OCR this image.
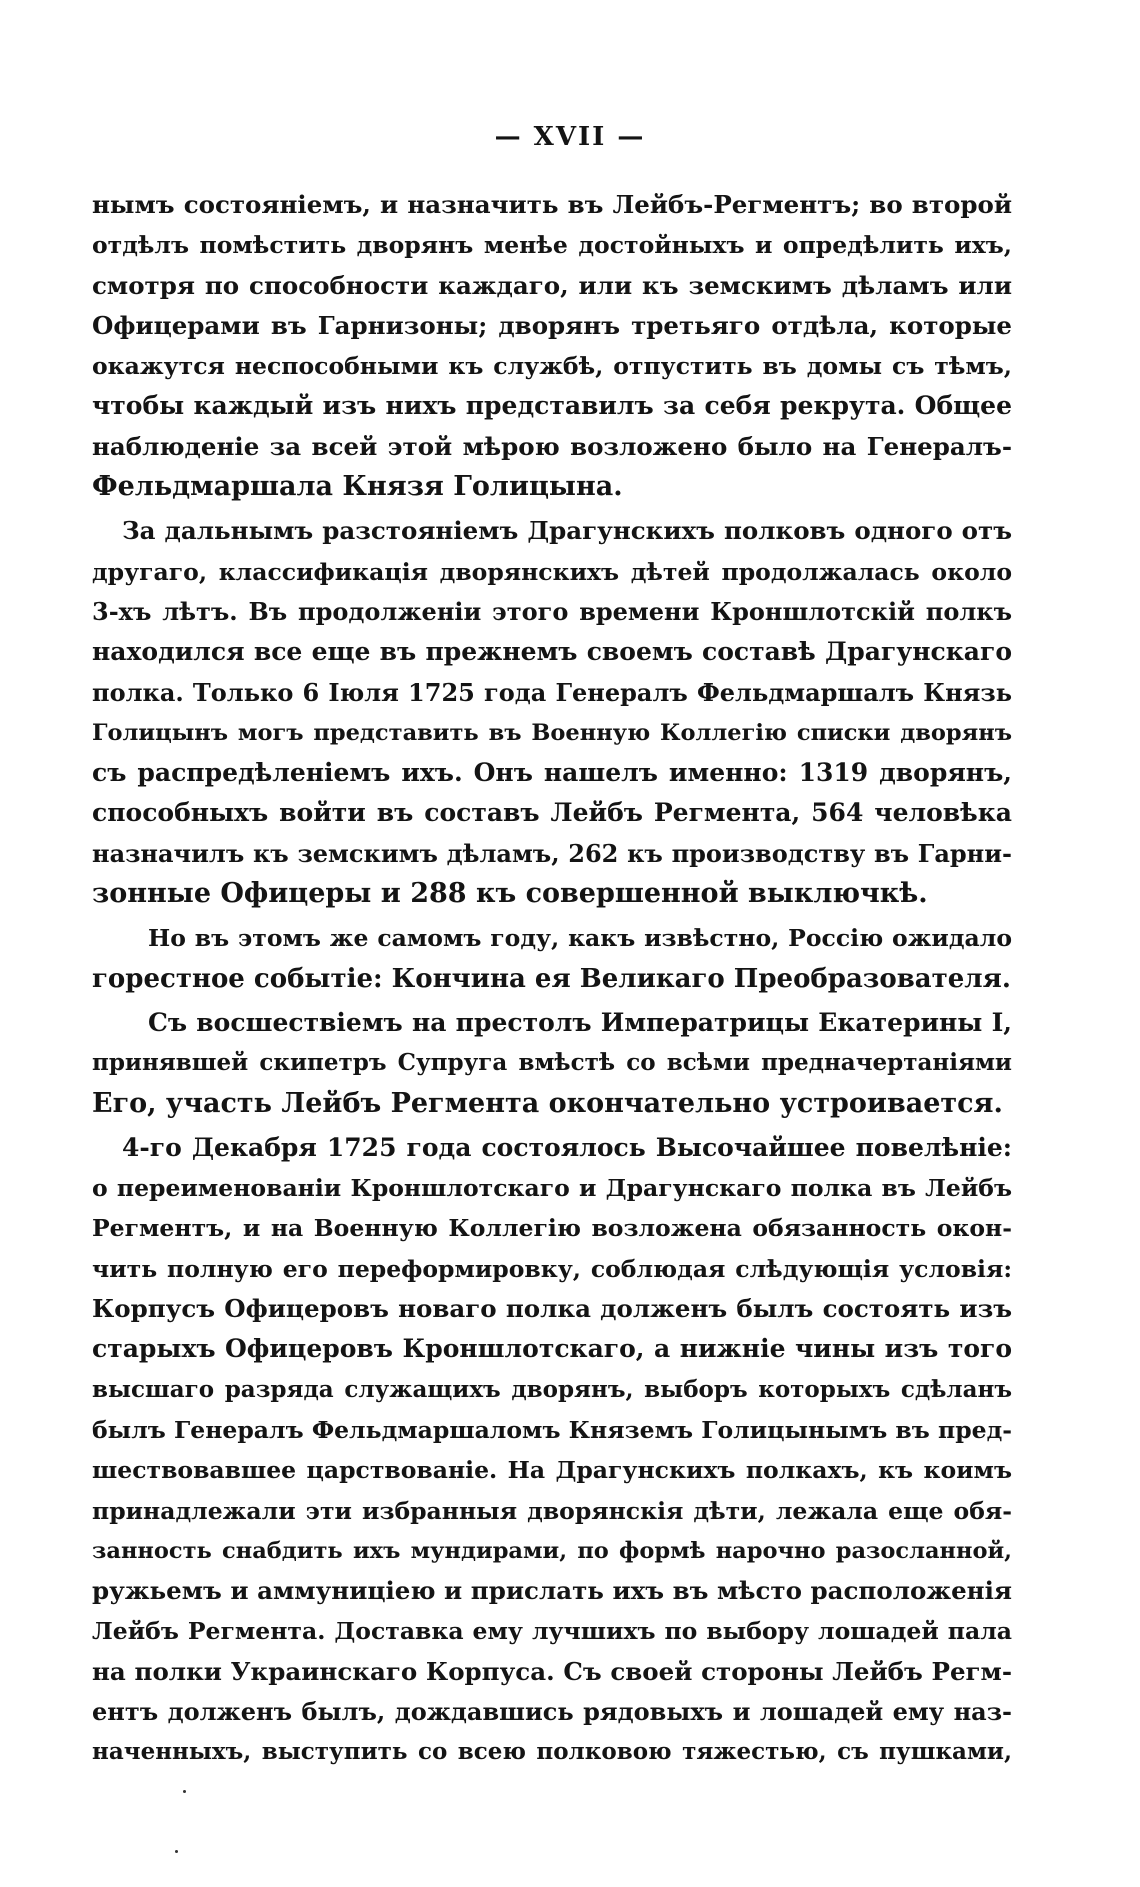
— XVII —
нымъ состояніемъ, и назначить въ Лейбъ-Регментъ; во второй
отдѣлъ помѣстить дворянъ менѣе достойныхъ и опредѣлить ихъ,
смотря по способности каждаго, или къ земскимъ дѣламъ или
Офицерами въ Гарнизоны; дворянъ третьяго отдѣла, которые
окажутся неспособными къ службѣ, отпустить въ домы съ тѣмъ,
чтобы каждый изъ нихъ представилъ за себя рекрута. Общее
наблюденіе за всей этой мѣрою возложено было на Генералъ-
Фельдмаршала Князя Голицына.
За дальнымъ разстояніемъ Драгунскихъ полковъ одного отъ
другаго, классификація дворянскихъ дѣтей продолжалась около
3-хъ лѣтъ. Въ продолженіи этого времени Кроншлотскій полкъ
находился все еще въ прежнемъ своемъ составѣ Драгунскаго
полка. Только 6 Іюля 1725 года Генералъ Фельдмаршалъ Князь
Голицынъ могъ представить въ Военную Коллегію списки дворянъ
съ распредѣленіемъ ихъ. Онъ нашелъ именно: 1319 дворянъ,
способныхъ войти въ составъ Лейбъ Регмента, 564 человѣка
назначилъ къ земскимъ дѣламъ, 262 къ производству въ Гарни-
зонные Офицеры и 288 къ совершенной выключкѣ.
Но въ этомъ же самомъ году, какъ извѣстно, Россію ожидало
горестное событіе: Кончина ея Великаго Преобразователя.
Съ восшествіемъ на престолъ Императрицы Екатерины I,
принявшей скипетръ Супруга вмѣстѣ со всѣми предначертаніями
Его, участь Лейбъ Регмента окончательно устроивается.
4-го Декабря 1725 года состоялось Высочайшее повелѣніе:
о переименованіи Кроншлотскаго и Драгунскаго полка въ Лейбъ
Регментъ, и на Военную Коллегію возложена обязанность окон-
чить полную его переформировку, соблюдая слѣдующія условія:
Корпусъ Офицеровъ новаго полка долженъ былъ состоять изъ
старыхъ Офицеровъ Кроншлотскаго, а нижніе чины изъ того
высшаго разряда служащихъ дворянъ, выборъ которыхъ сдѣланъ
былъ Генералъ Фельдмаршаломъ Княземъ Голицынымъ въ пред-
шествовавшее царствованіе. На Драгунскихъ полкахъ, къ коимъ
принадлежали эти избранныя дворянскія дѣти, лежала еще обя-
занность снабдить ихъ мундирами, по формѣ нарочно разосланной,
ружьемъ и аммуниціею и прислать ихъ въ мѣсто расположенія
Лейбъ Регмента. Доставка ему лучшихъ по выбору лошадей пала
на полки Украинскаго Корпуса. Съ своей стороны Лейбъ Регм-
ентъ долженъ былъ, дождавшись рядовыхъ и лошадей ему наз-
наченныхъ, выступить со всею полковою тяжестью, съ пушками,
